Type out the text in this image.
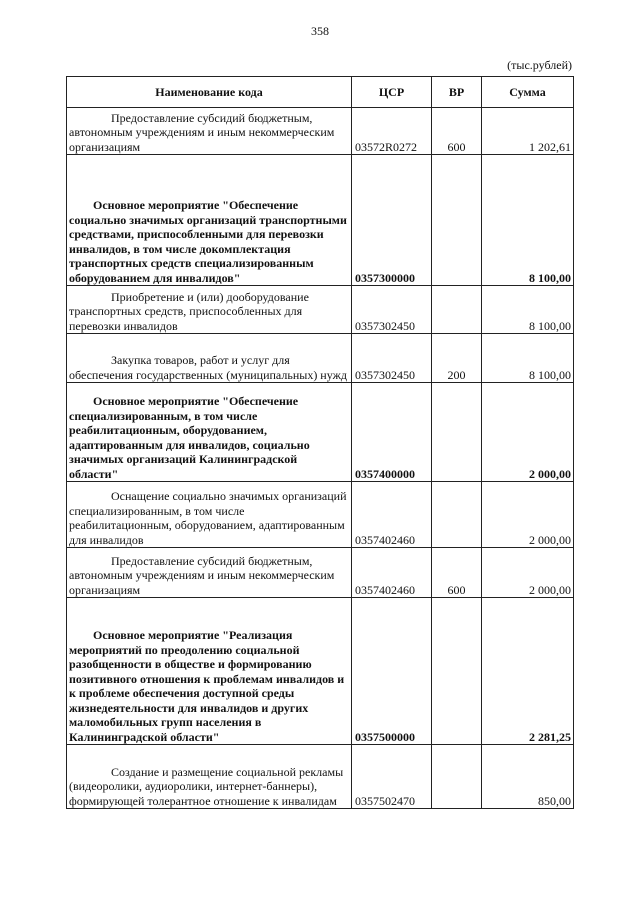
358
(тыс.рублей)
Наименование кода	ЦСР	ВР	Сумма
Предоставление субсидий бюджетным, автономным учреждениям и иным некоммерческим организациям	03572R0272	600	1 202,61
Основное мероприятие "Обеспечение социально значимых организаций транспортными средствами, приспособленными для перевозки инвалидов, в том числе докомплектация транспортных средств специализированным оборудованием для инвалидов"	0357300000		8 100,00
Приобретение и (или) дооборудование транспортных средств, приспособленных для перевозки инвалидов	0357302450		8 100,00
Закупка товаров, работ и услуг для обеспечения государственных (муниципальных) нужд	0357302450	200	8 100,00
Основное мероприятие "Обеспечение специализированным, в том числе реабилитационным, оборудованием, адаптированным для инвалидов, социально значимых организаций Калининградской области"	0357400000		2 000,00
Оснащение социально значимых организаций специализированным, в том числе реабилитационным, оборудованием, адаптированным для инвалидов	0357402460		2 000,00
Предоставление субсидий бюджетным, автономным учреждениям и иным некоммерческим организациям	0357402460	600	2 000,00
Основное мероприятие "Реализация мероприятий по преодолению социальной разобщенности в обществе и формированию позитивного отношения к проблемам инвалидов и к проблеме обеспечения доступной среды жизнедеятельности для инвалидов и других маломобильных групп населения в Калининградской области"	0357500000		2 281,25
Создание и размещение социальной рекламы (видеоролики, аудиоролики, интернет-баннеры), формирующей толерантное отношение к инвалидам	0357502470		850,00
